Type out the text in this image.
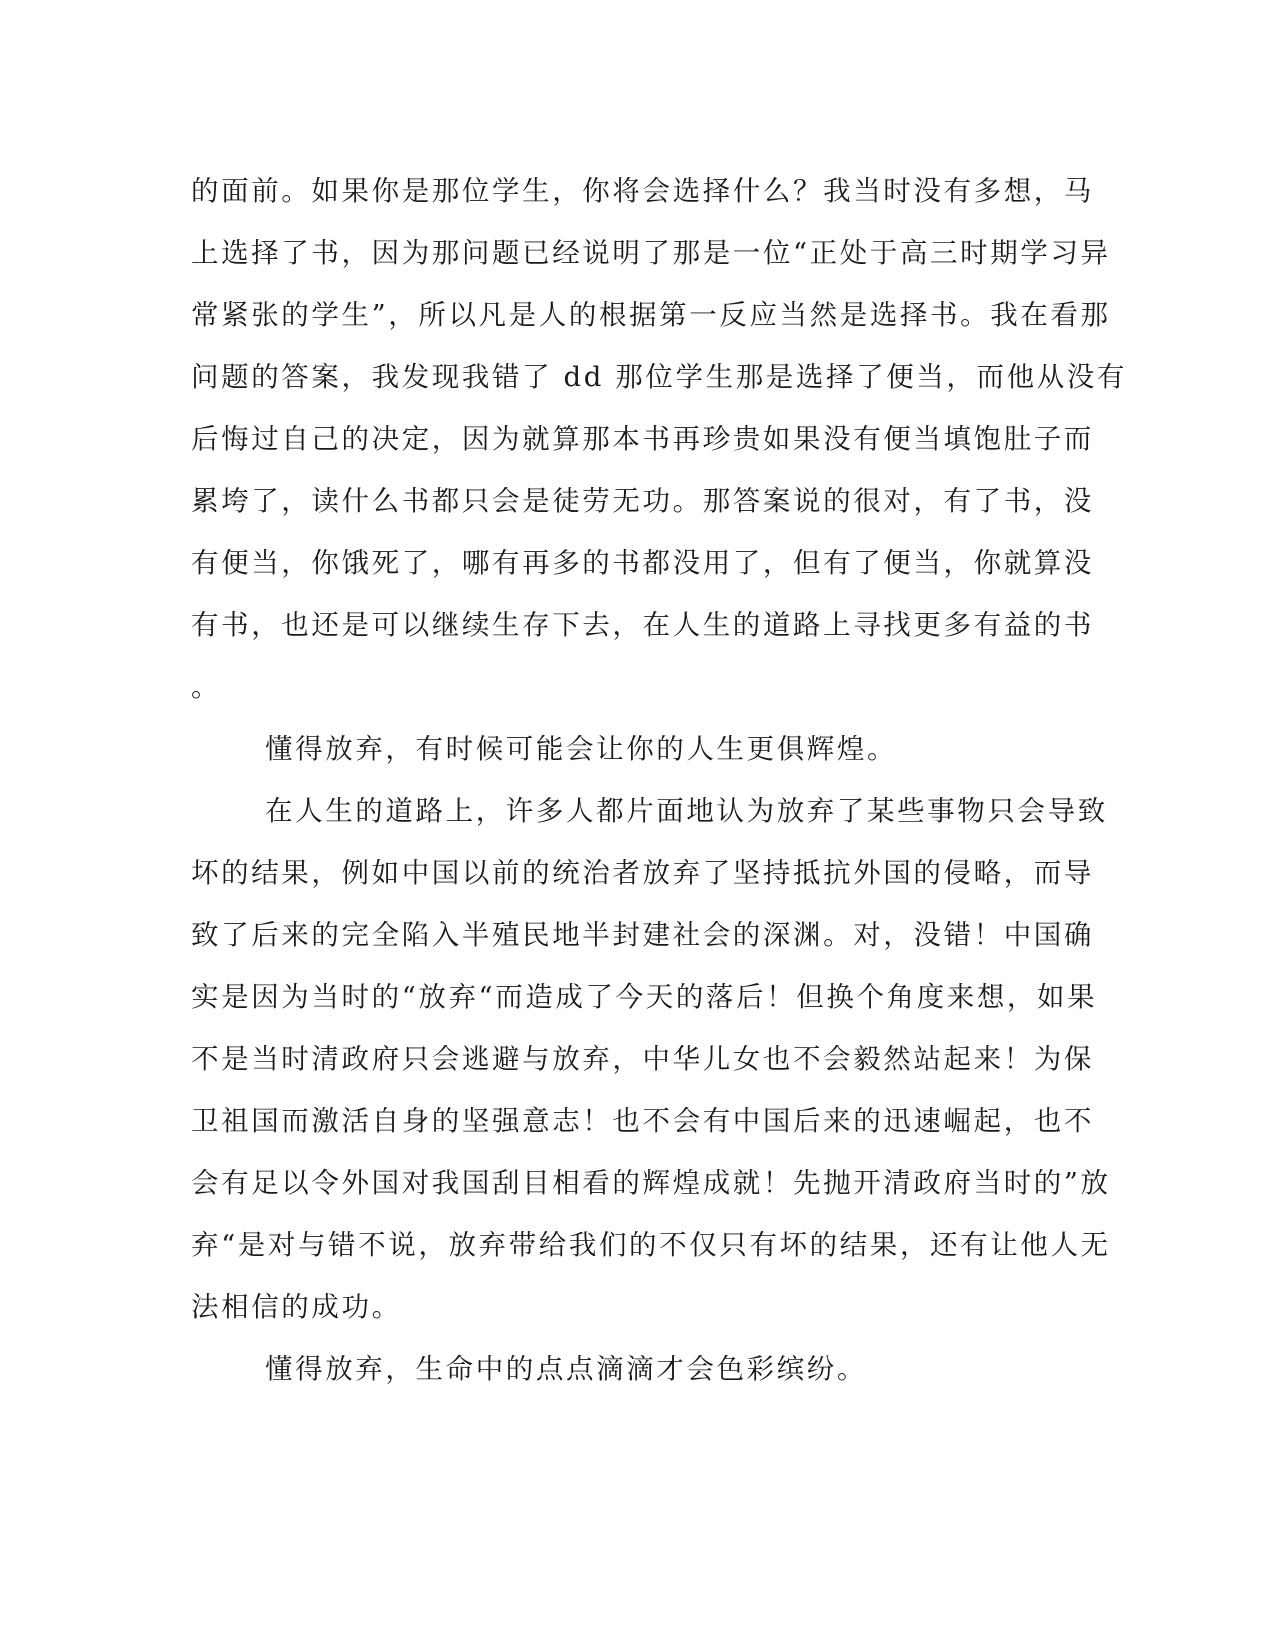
的面前。如果你是那位学生，你将会选择什么？我当时没有多想，马
上选择了书，因为那问题已经说明了那是一位“正处于高三时期学习异
常紧张的学生”，所以凡是人的根据第一反应当然是选择书。我在看那
问题的答案，我发现我错了 dd 那位学生那是选择了便当，而他从没有
后悔过自己的决定，因为就算那本书再珍贵如果没有便当填饱肚子而
累垮了，读什么书都只会是徒劳无功。那答案说的很对，有了书，没
有便当，你饿死了，哪有再多的书都没用了，但有了便当，你就算没
有书，也还是可以继续生存下去，在人生的道路上寻找更多有益的书
。
懂得放弃，有时候可能会让你的人生更俱辉煌。
在人生的道路上，许多人都片面地认为放弃了某些事物只会导致
坏的结果，例如中国以前的统治者放弃了坚持抵抗外国的侵略，而导
致了后来的完全陷入半殖民地半封建社会的深渊。对，没错！中国确
实是因为当时的“放弃“而造成了今天的落后！但换个角度来想，如果
不是当时清政府只会逃避与放弃，中华儿女也不会毅然站起来！为保
卫祖国而激活自身的坚强意志！也不会有中国后来的迅速崛起，也不
会有足以令外国对我国刮目相看的辉煌成就！先抛开清政府当时的”放
弃“是对与错不说，放弃带给我们的不仅只有坏的结果，还有让他人无
法相信的成功。
懂得放弃，生命中的点点滴滴才会色彩缤纷。
